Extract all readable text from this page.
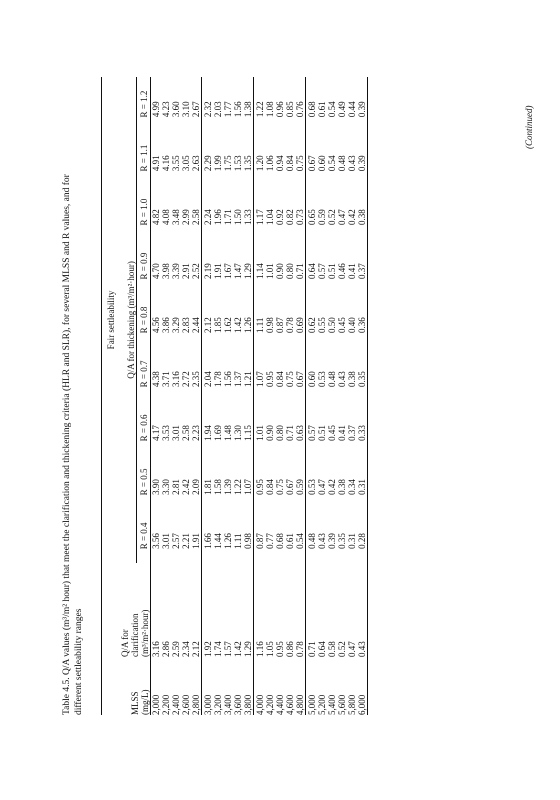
Table 4.5. Q/A values (m³/m² hour) that meet the clarification and thickening criteria (HLR and SLR), for several MLSS and R values, and for different settleability ranges	MLSS (mg/L)	Q/A for clarification (m³/m²·hour)	Fair settleability								
		Q/A for thickening (m³/m²·hour)								
		R = 0.4	R = 0.5	R = 0.6	R = 0.7	R = 0.8	R = 0.9	R = 1.0	R = 1.1	R = 1.2
2,000	3.16	3.56	3.90	4.17	4.38	4.56	4.70	4.82	4.91	4.99
2,200	2.86	3.01	3.30	3.53	3.71	3.86	3.98	4.08	4.16	4.23
2,400	2.59	2.57	2.81	3.01	3.16	3.29	3.39	3.48	3.55	3.60
2,600	2.34	2.21	2.42	2.58	2.72	2.83	2.91	2.99	3.05	3.10
2,800	2.12	1.91	2.09	2.23	2.35	2.44	2.52	2.58	2.63	2.67
3,000	1.92	1.66	1.81	1.94	2.04	2.12	2.19	2.24	2.29	2.32
3,200	1.74	1.44	1.58	1.69	1.78	1.85	1.91	1.96	1.99	2.03
3,400	1.57	1.26	1.39	1.48	1.56	1.62	1.67	1.71	1.75	1.77
3,600	1.42	1.11	1.22	1.30	1.37	1.42	1.47	1.50	1.53	1.56
3,800	1.29	0.98	1.07	1.15	1.21	1.26	1.29	1.33	1.35	1.38
4,000	1.16	0.87	0.95	1.01	1.07	1.11	1.14	1.17	1.20	1.22
4,200	1.05	0.77	0.84	0.90	0.95	0.98	1.01	1.04	1.06	1.08
4,400	0.95	0.68	0.75	0.80	0.84	0.87	0.90	0.92	0.94	0.96
4,600	0.86	0.61	0.67	0.71	0.75	0.78	0.80	0.82	0.84	0.85
4,800	0.78	0.54	0.59	0.63	0.67	0.69	0.71	0.73	0.75	0.76
5,000	0.71	0.48	0.53	0.57	0.60	0.62	0.64	0.65	0.67	0.68
5,200	0.64	0.43	0.47	0.51	0.53	0.55	0.57	0.59	0.60	0.61
5,400	0.58	0.39	0.42	0.45	0.48	0.50	0.51	0.52	0.54	0.54
5,600	0.52	0.35	0.38	0.41	0.43	0.45	0.46	0.47	0.48	0.49
5,800	0.47	0.31	0.34	0.37	0.38	0.40	0.41	0.42	0.43	0.44
6,000	0.43	0.28	0.31	0.33	0.35	0.36	0.37	0.38	0.39	0.39	(Continued)
